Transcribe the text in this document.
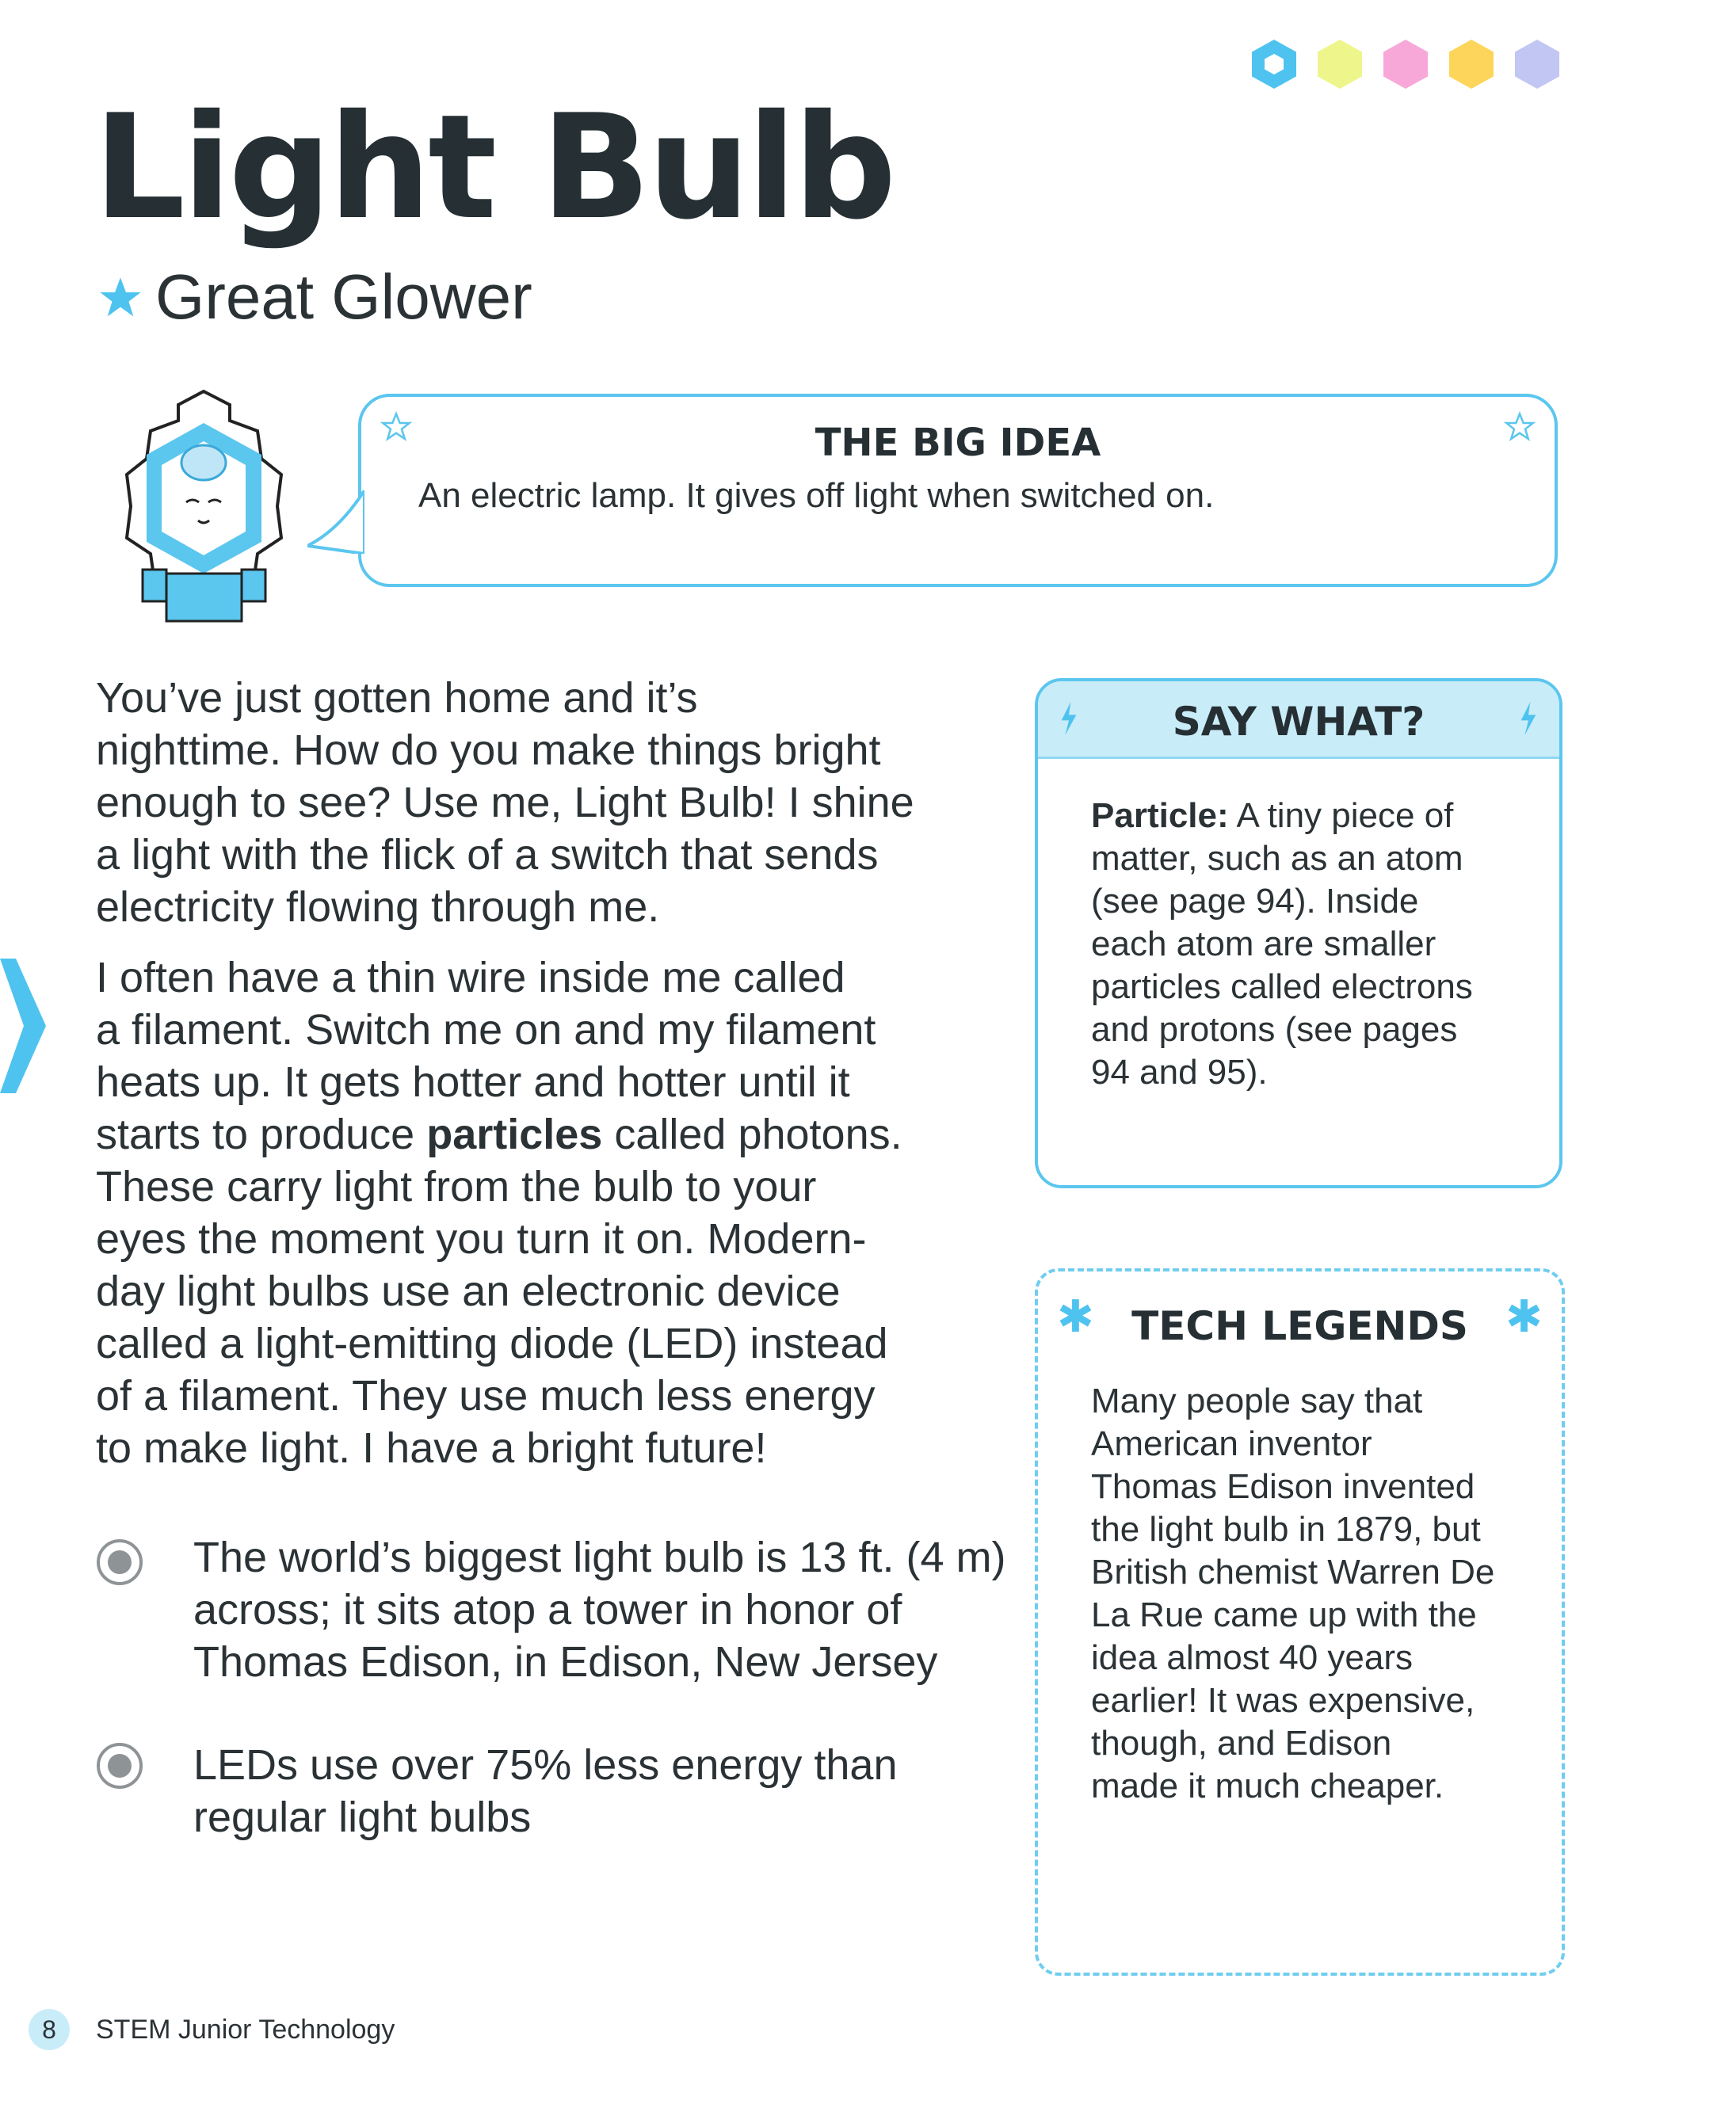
Light Bulb
Great Glower
THE BIG IDEA
An electric lamp. It gives off light when switched on.
You’ve just gotten home and it’s
nighttime. How do you make things bright
enough to see? Use me, Light Bulb! I shine
a light with the flick of a switch that sends
electricity flowing through me.
I often have a thin wire inside me called
a filament. Switch me on and my filament
heats up. It gets hotter and hotter until it
starts to produce particles called photons.
These carry light from the bulb to your
eyes the moment you turn it on. Modern-
day light bulbs use an electronic device
called a light-emitting diode (LED) instead
of a filament. They use much less energy
to make light. I have a bright future!
The world’s biggest light bulb is 13 ft. (4 m)
across; it sits atop a tower in honor of
Thomas Edison, in Edison, New Jersey
LEDs use over 75% less energy than
regular light bulbs
SAY WHAT?
Particle: A tiny piece of
matter, such as an atom
(see page 94). Inside
each atom are smaller
particles called electrons
and protons (see pages
94 and 95).
✱	✱
TECH LEGENDS
Many people say that
American inventor
Thomas Edison invented
the light bulb in 1879, but
British chemist Warren De
La Rue came up with the
idea almost 40 years
earlier! It was expensive,
though, and Edison
made it much cheaper.
8	STEM Junior Technology
